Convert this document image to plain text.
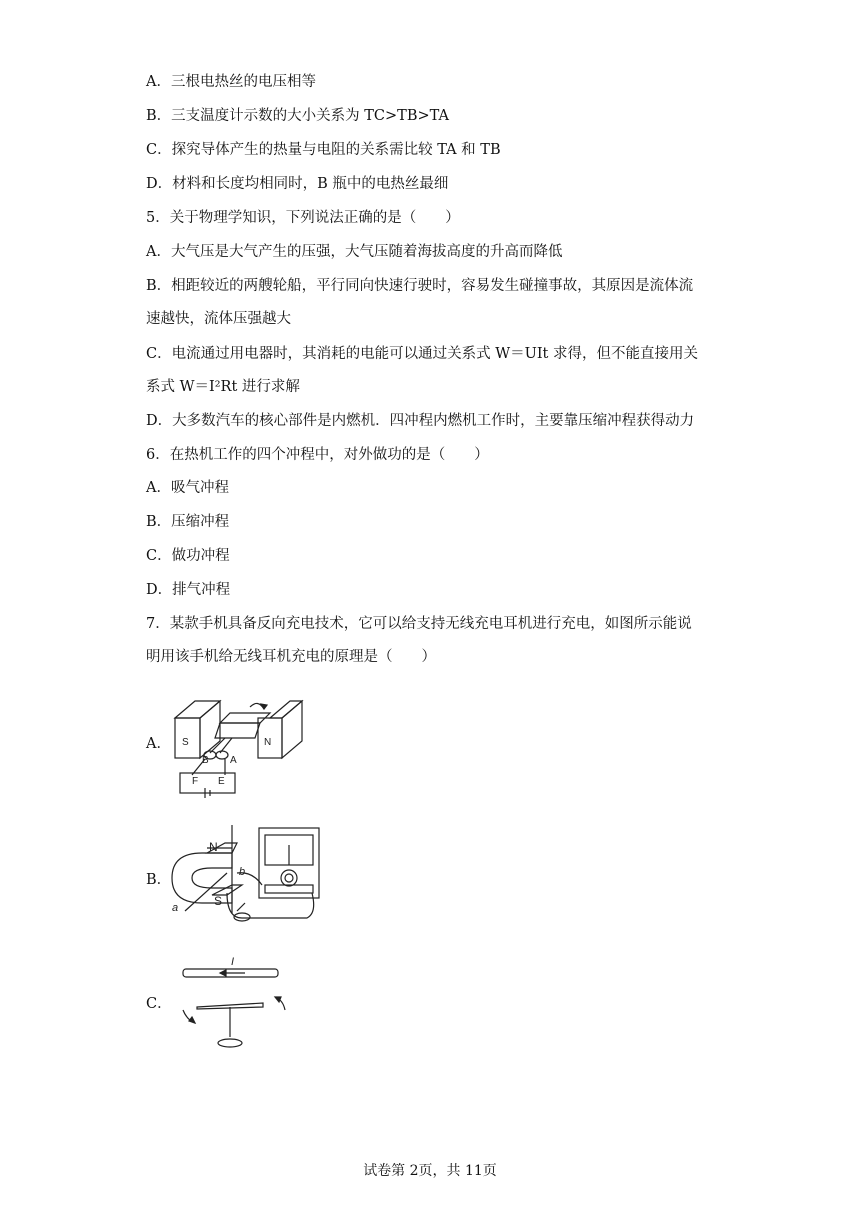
A．三根电热丝的电压相等
B．三支温度计示数的大小关系为 TC>TB>TA
C．探究导体产生的热量与电阻的关系需比较 TA 和 TB
D．材料和长度均相同时，B 瓶中的电热丝最细
5．关于物理学知识，下列说法正确的是（　　）
A．大气压是大气产生的压强，大气压随着海拔高度的升高而降低
B．相距较近的两艘轮船，平行同向快速行驶时，容易发生碰撞事故，其原因是流体流
速越快，流体压强越大
C．电流通过用电器时，其消耗的电能可以通过关系式 W＝UIt 求得，但不能直接用关
系式 W＝I²Rt 进行求解
D．大多数汽车的核心部件是内燃机．四冲程内燃机工作时，主要靠压缩冲程获得动力
6．在热机工作的四个冲程中，对外做功的是（　　）
A．吸气冲程
B．压缩冲程
C．做功冲程
D．排气冲程
7．某款手机具备反向充电技术，它可以给支持无线充电耳机进行充电，如图所示能说
明用该手机给无线耳机充电的原理是（　　）
A．
B．
C．
S	N
B A
F E
N
S
a
b
I
试卷第 2页，共 11页
